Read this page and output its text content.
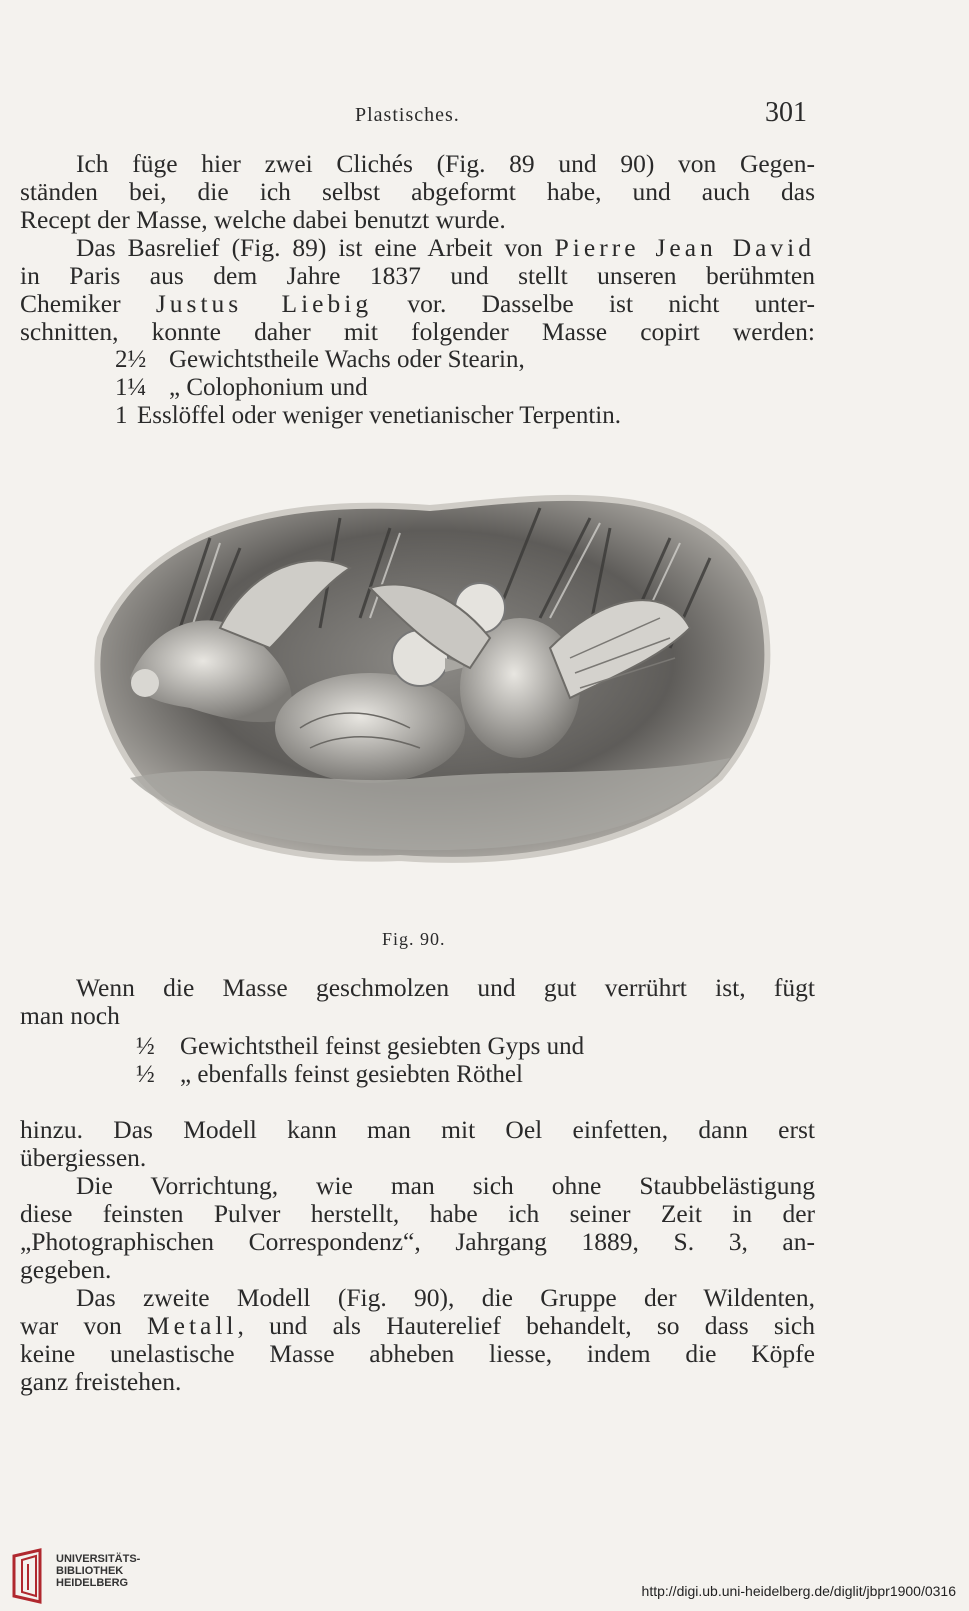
Plastisches.	301
Ich füge hier zwei Clichés (Fig. 89 und 90) von Gegen-
ständen bei, die ich selbst abgeformt habe, und auch das
Recept der Masse, welche dabei benutzt wurde.
Das Basrelief (Fig. 89) ist eine Arbeit von Pierre Jean David
in Paris aus dem Jahre 1837 und stellt unseren berühmten
Chemiker Justus Liebig vor. Dasselbe ist nicht unter-
schnitten, konnte daher mit folgender Masse copirt werden:
2½ Gewichtstheile Wachs oder Stearin,
1¼ „ Colophonium und
1 Esslöffel oder weniger venetianischer Terpentin.
Fig. 90.
Wenn die Masse geschmolzen und gut verrührt ist, fügt
man noch
½ Gewichtstheil feinst gesiebten Gyps und
½ „ ebenfalls feinst gesiebten Röthel
hinzu. Das Modell kann man mit Oel einfetten, dann erst
übergiessen.
Die Vorrichtung, wie man sich ohne Staubbelästigung
diese feinsten Pulver herstellt, habe ich seiner Zeit in der
„Photographischen Correspondenz“, Jahrgang 1889, S. 3, an-
gegeben.
Das zweite Modell (Fig. 90), die Gruppe der Wildenten,
war von Metall, und als Hauterelief behandelt, so dass sich
keine unelastische Masse abheben liesse, indem die Köpfe
ganz freistehen.
UNIVERSITÄTS-
BIBLIOTHEK
HEIDELBERG	http://digi.ub.uni-heidelberg.de/diglit/jbpr1900/0316
